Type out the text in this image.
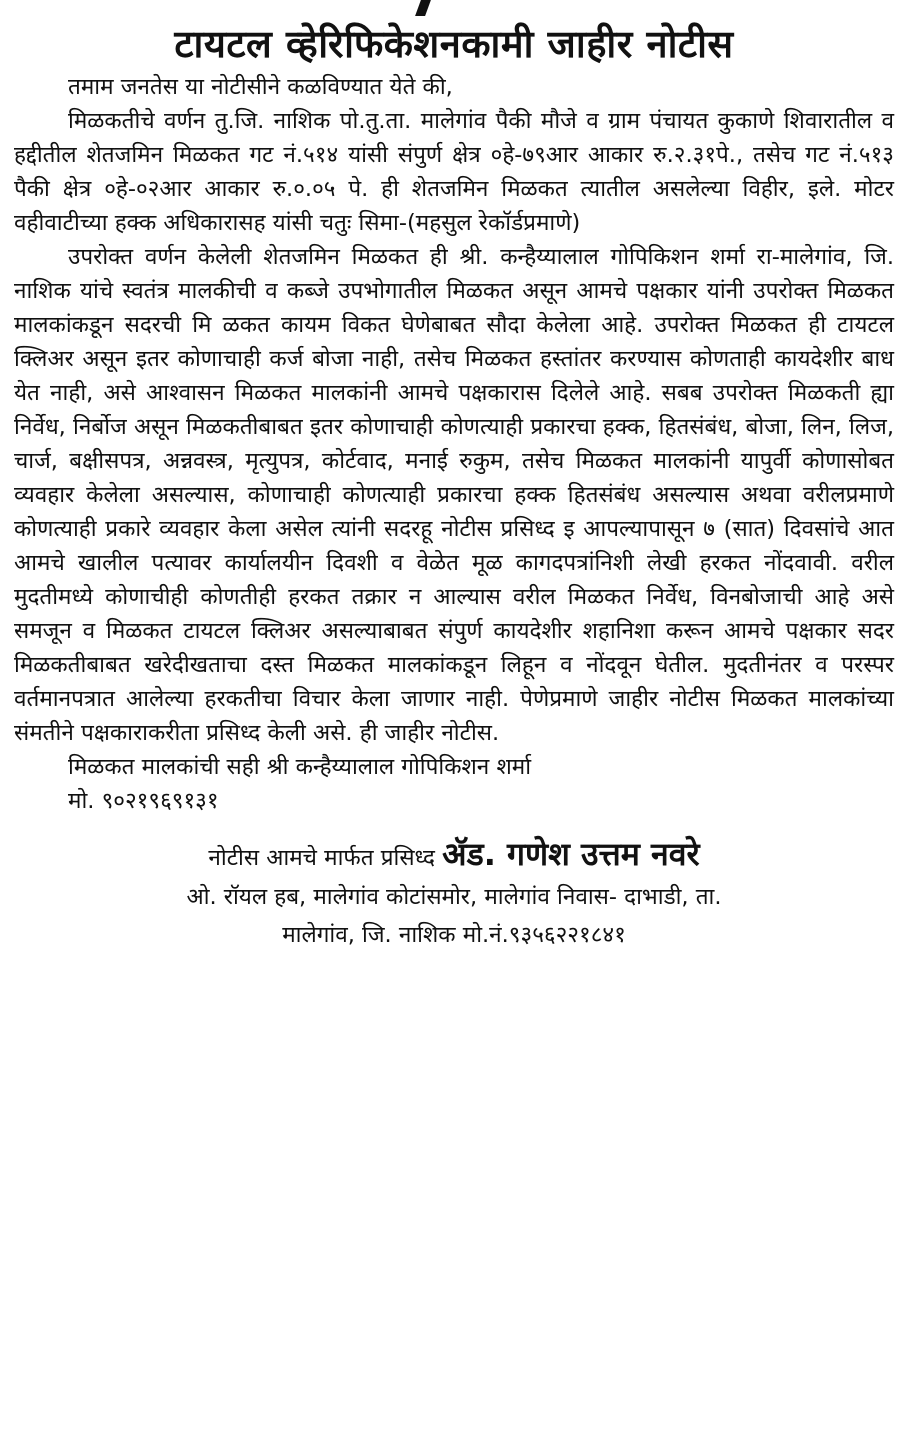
टायटल व्हेरिफिकेशनकामी जाहीर नोटीस

तमाम जनतेस या नोटीसीने कळविण्यात येते की,

मिळकतीचे वर्णन तु.जि. नाशिक पो.तु.ता. मालेगांव पैकी मौजे व ग्राम पंचायत कुकाणे शिवारातील व हद्दीतील शेतजमिन मिळकत गट नं.५१४ यांसी संपुर्ण क्षेत्र ०हे-७९आर आकार रु.२.३१पे., तसेच गट नं.५१३ पैकी क्षेत्र ०हे-०२आर आकार रु.०.०५ पे. ही शेतजमिन मिळकत त्यातील असलेल्या विहीर, इले. मोटर वहीवाटीच्या हक्क अधिकारासह यांसी चतुः सिमा-(महसुल रेकॉर्डप्रमाणे)

उपरोक्त वर्णन केलेली शेतजमिन मिळकत ही श्री. कन्हैय्यालाल गोपिकिशन शर्मा रा-मालेगांव, जि. नाशिक यांचे स्वतंत्र मालकीची व कब्जे उपभोगातील मिळकत असून आमचे पक्षकार यांनी उपरोक्त मिळकत मालकांकडून सदरची मि ळकत कायम विकत घेणेबाबत सौदा केलेला आहे. उपरोक्त मिळकत ही टायटल क्लिअर असून इतर कोणाचाही कर्ज बोजा नाही, तसेच मिळकत हस्तांतर करण्यास कोणताही कायदेशीर बाध येत नाही, असे आश्वासन मिळकत मालकांनी आमचे पक्षकारास दिलेले आहे. सबब उपरोक्त मिळकती ह्या निर्वेध, निर्बोज असून मिळकतीबाबत इतर कोणाचाही कोणत्याही प्रकारचा हक्क, हितसंबंध, बोजा, लिन, लिज, चार्ज, बक्षीसपत्र, अन्नवस्त्र, मृत्युपत्र, कोर्टवाद, मनाई रुकुम, तसेच मिळकत मालकांनी यापुर्वी कोणासोबत व्यवहार केलेला असल्यास, कोणाचाही कोणत्याही प्रकारचा हक्क हितसंबंध असल्यास अथवा वरीलप्रमाणे कोणत्याही प्रकारे व्यवहार केला असेल त्यांनी सदरहू नोटीस प्रसिध्द इ आपल्यापासून ७ (सात) दिवसांचे आत आमचे खालील पत्यावर कार्यालयीन दिवशी व वेळेत मूळ कागदपत्रांनिशी लेखी हरकत नोंदवावी. वरील मुदतीमध्ये कोणाचीही कोणतीही हरकत तक्रार न आल्यास वरील मिळकत निर्वेध, विनबोजाची आहे असे समजून व मिळकत टायटल क्लिअर असल्याबाबत संपुर्ण कायदेशीर शहानिशा करून आमचे पक्षकार सदर मिळकतीबाबत खरेदीखताचा दस्त मिळकत मालकांकडून लिहून व नोंदवून घेतील. मुदतीनंतर व परस्पर वर्तमानपत्रात आलेल्या हरकतीचा विचार केला जाणार नाही. पेणेप्रमाणे जाहीर नोटीस मिळकत मालकांच्या संमतीने पक्षकाराकरीता प्रसिध्द केली असे. ही जाहीर नोटीस.

मिळकत मालकांची सही श्री कन्हैय्यालाल गोपिकिशन शर्मा

मो. ९०२१९६९१३१

नोटीस आमचे मार्फत प्रसिध्द ॲड. गणेश उत्तम नवरे

ओ. रॉयल हब, मालेगांव कोटांसमोर, मालेगांव निवास- दाभाडी, ता.

मालेगांव, जि. नाशिक मो.नं.९३५६२२१८४१
